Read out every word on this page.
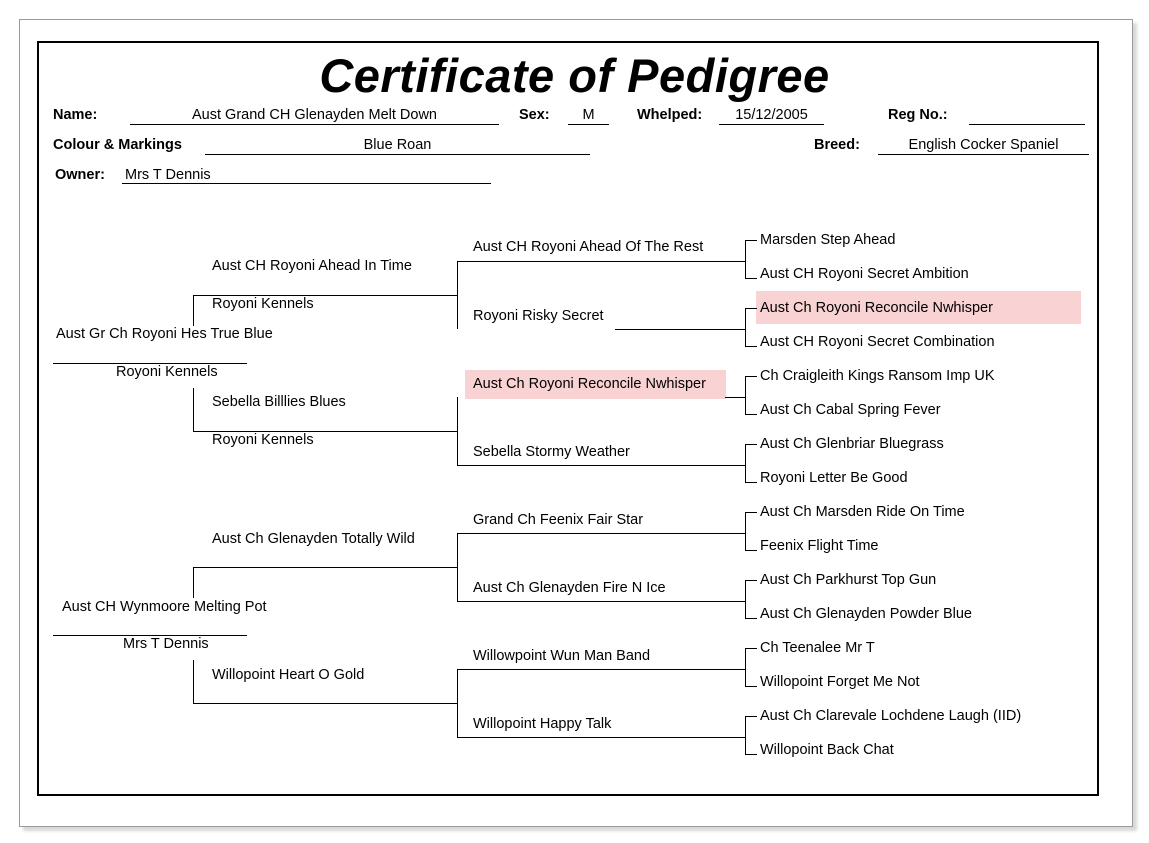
Certificate of Pedigree
Name:	Aust Grand CH Glenayden Melt Down	Sex:	M	Whelped:	15/12/2005	Reg No.:
Colour & Markings	Blue Roan	Breed:	English Cocker Spaniel
Owner: Mrs T Dennis
Aust Gr Ch Royoni Hes True Blue
Royoni Kennels
Aust CH Wynmoore Melting Pot
Mrs T Dennis
Aust CH Royoni Ahead In Time
Royoni Kennels
Sebella Billlies Blues
Royoni Kennels
Aust Ch Glenayden Totally Wild
Willopoint Heart O Gold
Aust CH Royoni Ahead Of The Rest
Royoni Risky Secret
Aust Ch Royoni Reconcile Nwhisper
Sebella Stormy Weather
Grand Ch Feenix Fair Star
Aust Ch Glenayden Fire N Ice
Willowpoint Wun Man Band
Willopoint Happy Talk
Marsden Step Ahead
Aust CH Royoni Secret Ambition
Aust Ch Royoni Reconcile Nwhisper
Aust CH Royoni Secret Combination
Ch Craigleith Kings Ransom Imp UK
Aust Ch Cabal Spring Fever
Aust Ch Glenbriar Bluegrass
Royoni Letter Be Good
Aust Ch Marsden Ride On Time
Feenix Flight Time
Aust Ch Parkhurst Top Gun
Aust Ch Glenayden Powder Blue
Ch Teenalee Mr T
Willopoint Forget Me Not
Aust Ch Clarevale Lochdene Laugh (IID)
Willopoint Back Chat
